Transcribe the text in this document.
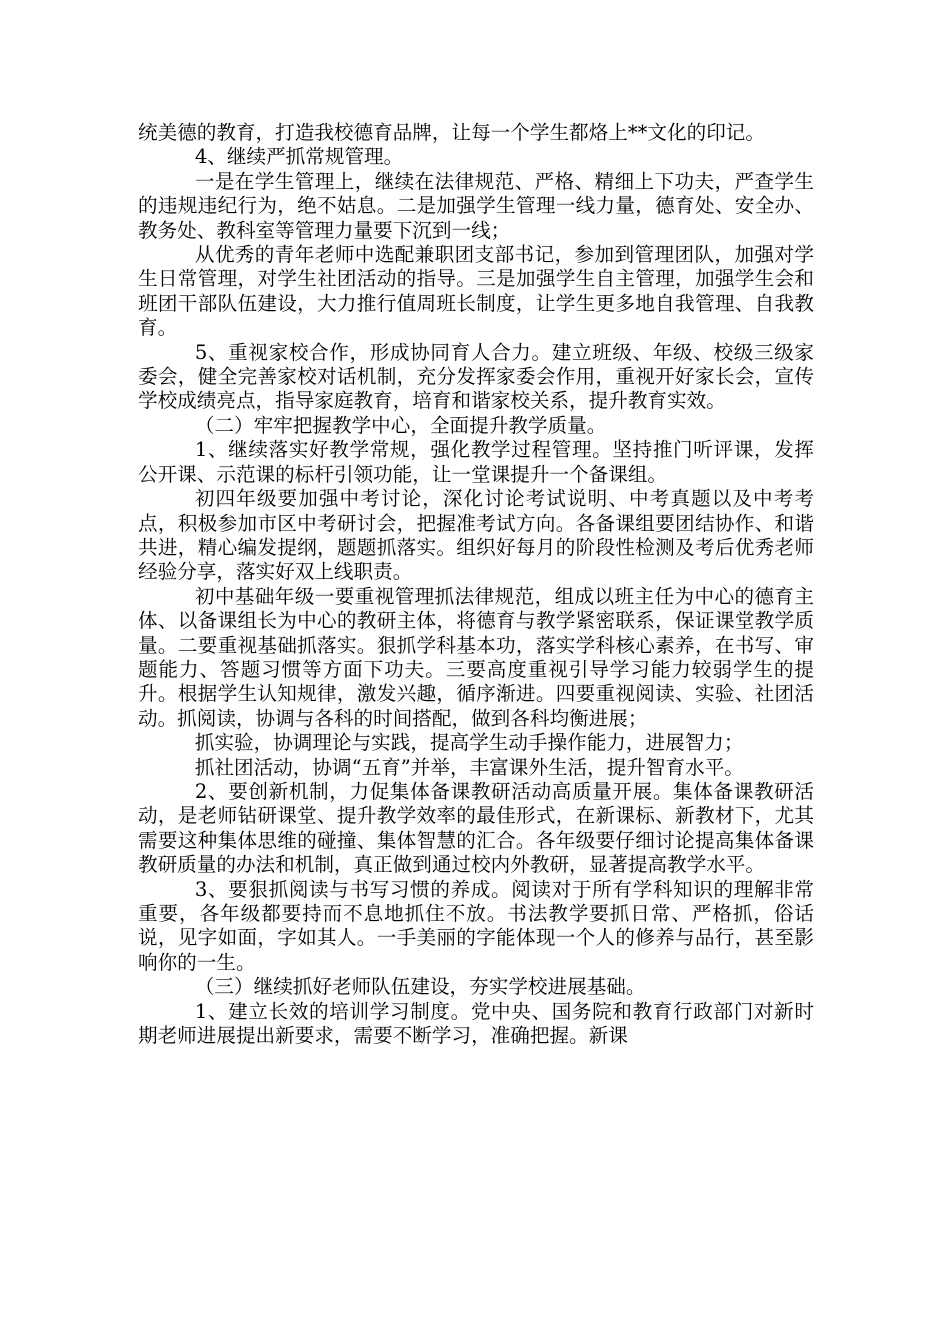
统美德的教育，打造我校德育品牌，让每一个学生都烙上**文化的印记。

4、继续严抓常规管理。

一是在学生管理上，继续在法律规范、严格、精细上下功夫，严查学生的违规违纪行为，绝不姑息。二是加强学生管理一线力量，德育处、安全办、教务处、教科室等管理力量要下沉到一线；

从优秀的青年老师中选配兼职团支部书记，参加到管理团队，加强对学生日常管理，对学生社团活动的指导。三是加强学生自主管理，加强学生会和班团干部队伍建设，大力推行值周班长制度，让学生更多地自我管理、自我教育。

5、重视家校合作，形成协同育人合力。建立班级、年级、校级三级家委会，健全完善家校对话机制，充分发挥家委会作用，重视开好家长会，宣传学校成绩亮点，指导家庭教育，培育和谐家校关系，提升教育实效。

（二）牢牢把握教学中心，全面提升教学质量。

1、继续落实好教学常规，强化教学过程管理。坚持推门听评课，发挥公开课、示范课的标杆引领功能，让一堂课提升一个备课组。

初四年级要加强中考讨论，深化讨论考试说明、中考真题以及中考考点，积极参加市区中考研讨会，把握准考试方向。各备课组要团结协作、和谐共进，精心编发提纲，题题抓落实。组织好每月的阶段性检测及考后优秀老师经验分享，落实好双上线职责。

初中基础年级一要重视管理抓法律规范，组成以班主任为中心的德育主体、以备课组长为中心的教研主体，将德育与教学紧密联系，保证课堂教学质量。二要重视基础抓落实。狠抓学科基本功，落实学科核心素养，在书写、审题能力、答题习惯等方面下功夫。三要高度重视引导学习能力较弱学生的提升。根据学生认知规律，激发兴趣，循序渐进。四要重视阅读、实验、社团活动。抓阅读，协调与各科的时间搭配，做到各科均衡进展；

抓实验，协调理论与实践，提高学生动手操作能力，进展智力；

抓社团活动，协调“五育”并举，丰富课外生活，提升智育水平。

2、要创新机制，力促集体备课教研活动高质量开展。集体备课教研活动，是老师钻研课堂、提升教学效率的最佳形式，在新课标、新教材下，尤其需要这种集体思维的碰撞、集体智慧的汇合。各年级要仔细讨论提高集体备课教研质量的办法和机制，真正做到通过校内外教研，显著提高教学水平。

3、要狠抓阅读与书写习惯的养成。阅读对于所有学科知识的理解非常重要，各年级都要持而不息地抓住不放。书法教学要抓日常、严格抓，俗话说，见字如面，字如其人。一手美丽的字能体现一个人的修养与品行，甚至影响你的一生。

（三）继续抓好老师队伍建设，夯实学校进展基础。

1、建立长效的培训学习制度。党中央、国务院和教育行政部门对新时期老师进展提出新要求，需要不断学习，准确把握。新课
